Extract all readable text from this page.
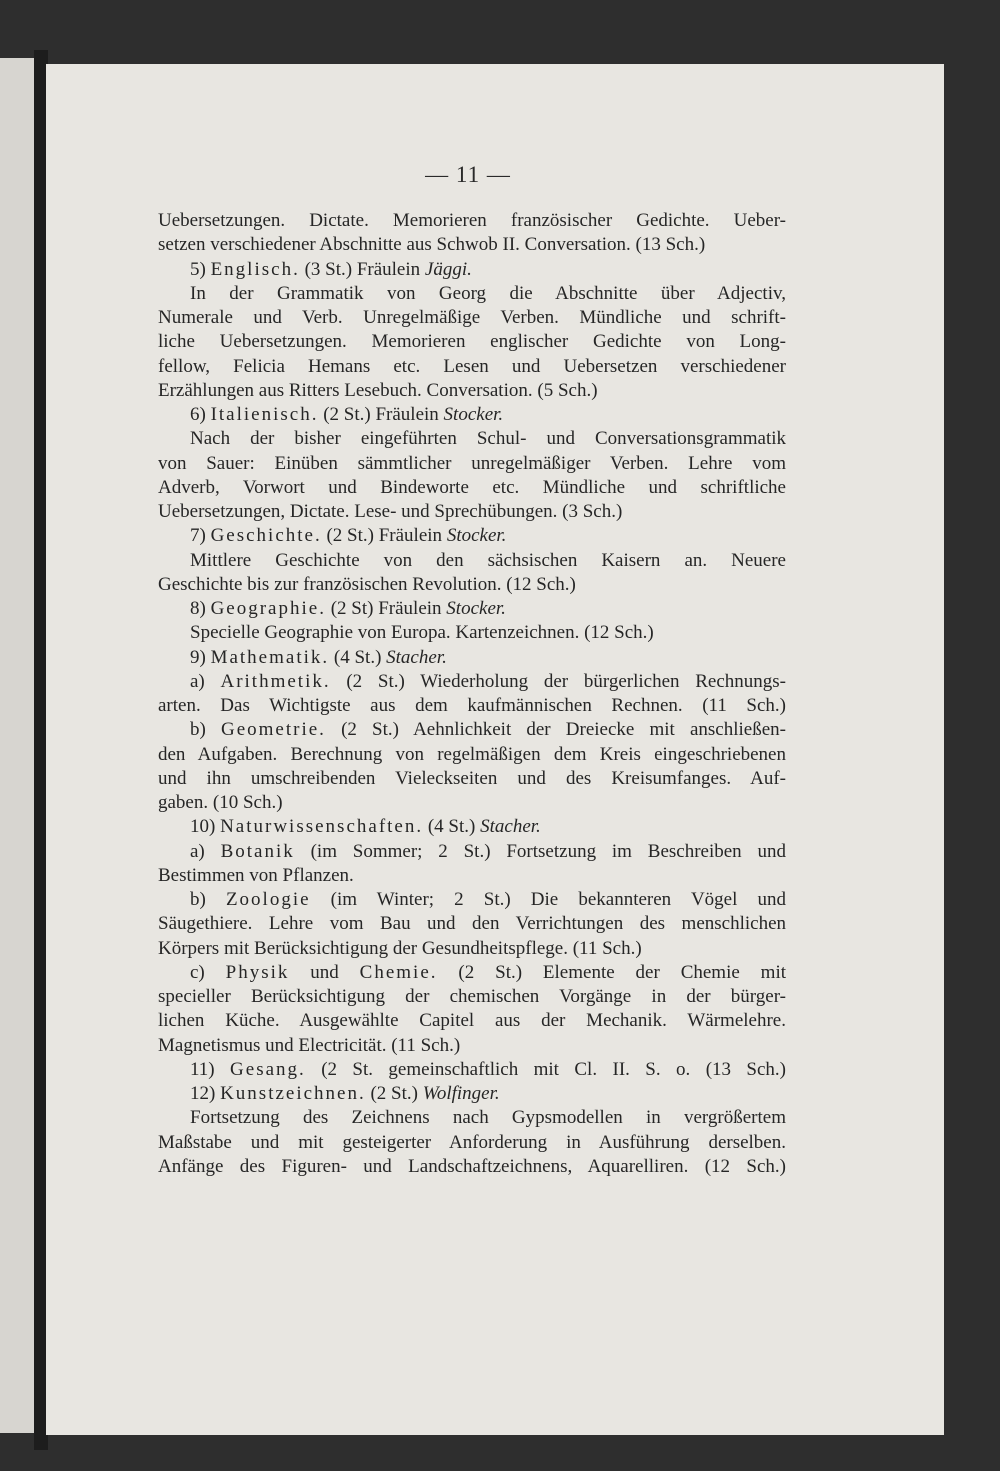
— 11 —
Uebersetzungen. Dictate. Memorieren französischer Gedichte. Ueber-
setzen verschiedener Abschnitte aus Schwob II. Conversation. (13 Sch.)
5) Englisch. (3 St.) Fräulein Jäggi.
In der Grammatik von Georg die Abschnitte über Adjectiv,
Numerale und Verb. Unregelmäßige Verben. Mündliche und schrift-
liche Uebersetzungen. Memorieren englischer Gedichte von Long-
fellow, Felicia Hemans etc. Lesen und Uebersetzen verschiedener
Erzählungen aus Ritters Lesebuch. Conversation. (5 Sch.)
6) Italienisch. (2 St.) Fräulein Stocker.
Nach der bisher eingeführten Schul- und Conversationsgrammatik
von Sauer: Einüben sämmtlicher unregelmäßiger Verben. Lehre vom
Adverb, Vorwort und Bindeworte etc. Mündliche und schriftliche
Uebersetzungen, Dictate. Lese- und Sprechübungen. (3 Sch.)
7) Geschichte. (2 St.) Fräulein Stocker.
Mittlere Geschichte von den sächsischen Kaisern an. Neuere
Geschichte bis zur französischen Revolution. (12 Sch.)
8) Geographie. (2 St) Fräulein Stocker.
Specielle Geographie von Europa. Kartenzeichnen. (12 Sch.)
9) Mathematik. (4 St.) Stacher.
a) Arithmetik. (2 St.) Wiederholung der bürgerlichen Rechnungs-
arten. Das Wichtigste aus dem kaufmännischen Rechnen. (11 Sch.)
b) Geometrie. (2 St.) Aehnlichkeit der Dreiecke mit anschließen-
den Aufgaben. Berechnung von regelmäßigen dem Kreis eingeschriebenen
und ihn umschreibenden Vieleckseiten und des Kreisumfanges. Auf-
gaben. (10 Sch.)
10) Naturwissenschaften. (4 St.) Stacher.
a) Botanik (im Sommer; 2 St.) Fortsetzung im Beschreiben und
Bestimmen von Pflanzen.
b) Zoologie (im Winter; 2 St.) Die bekannteren Vögel und
Säugethiere. Lehre vom Bau und den Verrichtungen des menschlichen
Körpers mit Berücksichtigung der Gesundheitspflege. (11 Sch.)
c) Physik und Chemie. (2 St.) Elemente der Chemie mit
specieller Berücksichtigung der chemischen Vorgänge in der bürger-
lichen Küche. Ausgewählte Capitel aus der Mechanik. Wärmelehre.
Magnetismus und Electricität. (11 Sch.)
11) Gesang. (2 St. gemeinschaftlich mit Cl. II. S. o. (13 Sch.)
12) Kunstzeichnen. (2 St.) Wolfinger.
Fortsetzung des Zeichnens nach Gypsmodellen in vergrößertem
Maßstabe und mit gesteigerter Anforderung in Ausführung derselben.
Anfänge des Figuren- und Landschaftzeichnens, Aquarelliren. (12 Sch.)
